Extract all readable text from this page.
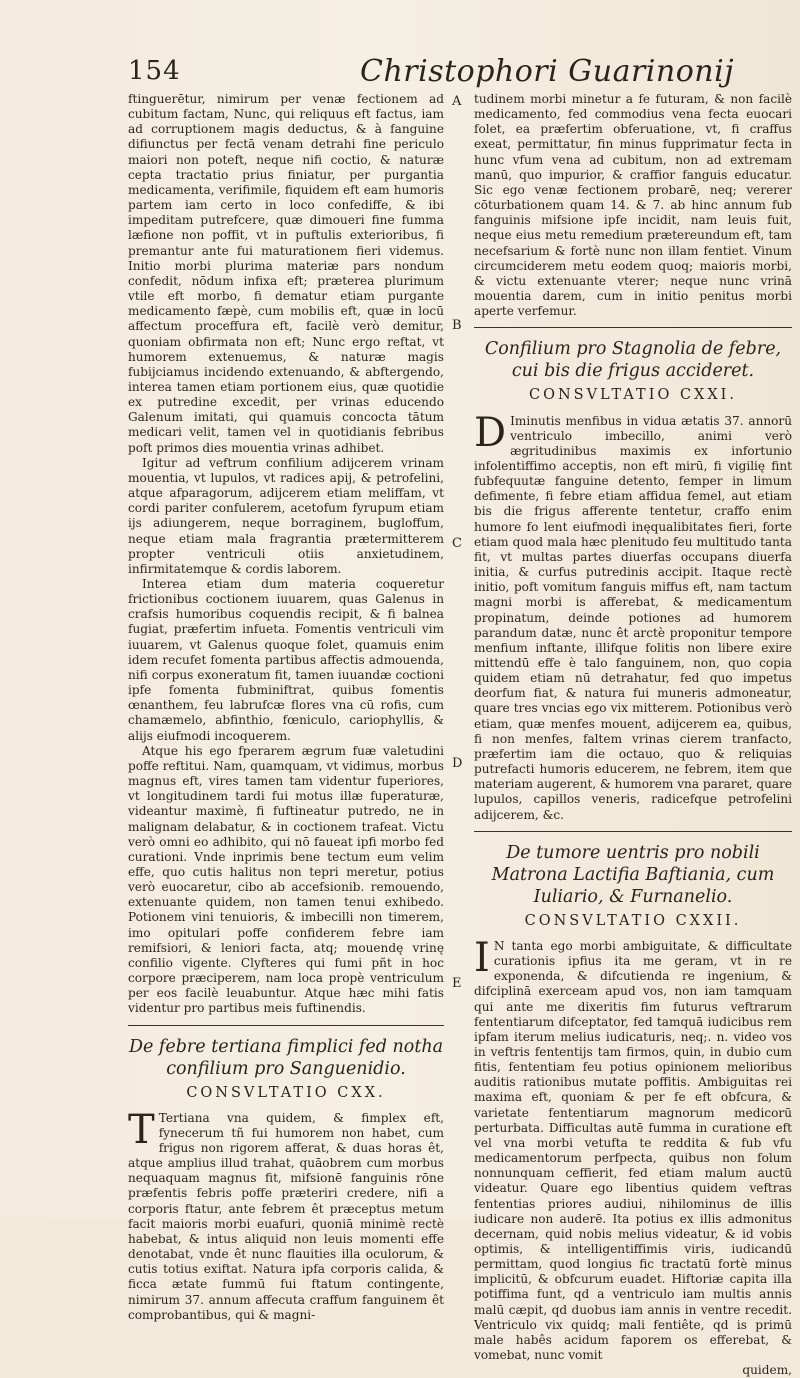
154	Christophori Guarinonij
A
B
C
D
E

ftinguerētur, nimirum per venæ fectionem ad cubitum factam, Nunc, qui reliquus eft factus, iam ad corruptionem magis deductus, & à fanguine difiunctus per fectā venam detrahi fine periculo maiori non poteft, neque nifi coctio, & naturæ cepta tractatio prius finiatur, per purgantia medicamenta, verifimile, fiquidem eft eam humoris partem iam certo in loco confediffe, & ibi impeditam putrefcere, quæ dimoueri fine fumma læfione non poffit, vt in puftulis exterioribus, fi premantur ante fui maturationem fieri videmus. Initio morbi plurima materiæ pars nondum confedit, nōdum infixa eft; præterea plurimum vtile eft morbo, fi dematur etiam purgante medicamento fæpè, cum mobilis eft, quæ in locū affectum proceffura eft, facilè verò demitur, quoniam obfirmata non eft; Nunc ergo reftat, vt humorem extenuemus, & naturæ magis fubijciamus incidendo extenuando, & abftergendo, interea tamen etiam portionem eius, quæ quotidie ex putredine excedit, per vrinas educendo Galenum imitati, qui quamuis concocta tātum medicari velit, tamen vel in quotidianis febribus poft primos dies mouentia vrinas adhibet.

Igitur ad veftrum confilium adijcerem vrinam mouentia, vt lupulos, vt radices apij, & petrofelini, atque afparagorum, adijcerem etiam meliffam, vt cordi pariter confulerem, acetofum fyrupum etiam ijs adiungerem, neque borraginem, bugloffum, neque etiam mala fragrantia prætermitterem propter ventriculi otiis anxietudinem, infirmitatemque & cordis laborem.

Interea etiam dum materia coqueretur frictionibus coctionem iuuarem, quas Galenus in crafsis humoribus coquendis recipit, & fi balnea fugiat, præfertim infueta. Fomentis ventriculi vim iuuarem, vt Galenus quoque folet, quamuis enim idem recufet fomenta partibus affectis admouenda, nifi corpus exoneratum fit, tamen iuuandæ coctioni ipfe fomenta fubminiftrat, quibus fomentis œnanthem, feu labrufcæ flores vna cū rofis, cum chamæmelo, abfinthio, fœniculo, cariophyllis, & alijs eiufmodi incoquerem.

Atque his ego fperarem ægrum fuæ valetudini poffe reftitui. Nam, quamquam, vt vidimus, morbus magnus eft, vires tamen tam videntur fuperiores, vt longitudinem tardi fui motus illæ fuperaturæ, videantur maximè, fi fuftineatur putredo, ne in malignam delabatur, & in coctionem trafeat. Victu verò omni eo adhibito, qui nō faueat ipfi morbo fed curationi. Vnde inprimis bene tectum eum velim effe, quo cutis halitus non tepri meretur, potius verò euocaretur, cibo ab accefsionib. remouendo, extenuante quidem, non tamen tenui exhibedo. Potionem vini tenuioris, & imbecilli non timerem, imo opitulari poffe confiderem febre iam remifsiori, & leniori facta, atq; mouendę vrinę confilio vigente. Clyfteres qui fumi pñt in hoc corpore præciperem, nam loca propè ventriculum per eos facilè leuabuntur. Atque hæc mihi fatis videntur pro partibus meis fuftinendis.

De febre tertiana fimplici fed notha confilium pro Sanguenidio.
CONSVLTATIO CXX.

T Tertiana vna quidem, & fimplex eft, fynecerum tñ fui humorem non habet, cum frigus non rigorem afferat, & duas horas êt, atque amplius illud trahat, quāobrem cum morbus nequaquam magnus fit, mifsionē fanguinis rōne præfentis febris poffe præteriri credere, nifi a corporis ftatur, ante febrem êt præceptus metum facit maioris morbi euafuri, quoniā minimè rectè habebat, & intus aliquid non leuis momenti effe denotabat, vnde êt nunc flauities illa oculorum, & cutis totius exiftat. Natura ipfa corporis calida, & ficca ætate fummū fui ftatum contingente, nimirum 37. annum affecuta craffum fanguinem êt comprobantibus, qui & magni-

tudinem morbi minetur a fe futuram, & non facilè medicamento, fed commodius vena fecta euocari folet, ea præfertim obferuatione, vt, fi craffus exeat, permittatur, fin minus fupprimatur fecta in hunc vfum vena ad cubitum, non ad extremam manū, quo impurior, & craffior fanguis educatur. Sic ego venæ fectionem probarē, neq; vererer cōturbationem quam 14. & 7. ab hinc annum fub fanguinis mifsione ipfe incidit, nam leuis fuit, neque eius metu remedium prætereundum eft, tam necefsarium & fortè nunc non illam fentiet. Vinum circumciderem metu eodem quoq; maioris morbi, & victu extenuante vterer; neque nunc vrinā mouentia darem, cum in initio penitus morbi aperte verfemur.

Confilium pro Stagnolia de febre, cui bis die frigus accideret.
CONSVLTATIO CXXI.

D Iminutis menfibus in vidua ætatis 37. annorū ventriculo imbecillo, animi verò ægritudinibus maximis ex infortunio infolentiffimo acceptis, non eft mirū, fi vigilię fint fubfequutæ fanguine detento, femper in limum defimente, fi febre etiam affidua femel, aut etiam bis die frigus afferente tentetur, craffo enim humore fo lent eiufmodi inęqualibitates fieri, forte etiam quod mala hæc plenitudo feu multitudo tanta fit, vt multas partes diuerfas occupans diuerfa initia, & curfus putredinis accipit. Itaque rectè initio, poft vomitum fanguis miffus eft, nam tactum magni morbi is afferebat, & medicamentum propinatum, deinde potiones ad humorem parandum datæ, nunc êt arctè proponitur tempore menfium inftante, illifque folitis non libere exire mittendū effe è talo fanguinem, non, quo copia quidem etiam nū detrahatur, fed quo impetus deorfum fiat, & natura fui muneris admoneatur, quare tres vncias ego vix mitterem. Potionibus verò etiam, quæ menfes mouent, adijcerem ea, quibus, fi non menfes, faltem vrinas cierem tranfacto, præfertim iam die octauo, quo & reliquias putrefacti humoris educerem, ne febrem, item que materiam augerent, & humorem vna pararet, quare lupulos, capillos veneris, radicefque petrofelini adijcerem, &c.

De tumore uentris pro nobili Matrona Lactifia Baftiania, cum Iuliario, & Furnanelio.
CONSVLTATIO CXXII.

I N tanta ego morbi ambiguitate, & difficultate curationis ipfius ita me geram, vt in re exponenda, & difcutienda re ingenium, & difciplinā exerceam apud vos, non iam tamquam qui ante me dixeritis fim futurus veftrarum fententiarum difceptator, fed tamquā iudicibus rem ipfam iterum melius iudicaturis, neq;. n. video vos in veftris fententijs tam firmos, quin, in dubio cum fitis, fententiam feu potius opinionem melioribus auditis rationibus mutate poffitis. Ambiguitas rei maxima eft, quoniam & per fe eft obfcura, & varietate fententiarum magnorum medicorū perturbata. Difficultas autē fumma in curatione eft vel vna morbi vetufta te reddita & fub vfu medicamentorum perfpecta, quibus non folum nonnunquam ceffierit, fed etiam malum auctū videatur. Quare ego libentius quidem veftras fententias priores audiui, nihilominus de illis iudicare non auderē. Ita potius ex illis admonitus decernam, quid nobis melius videatur, & id vobis optimis, & intelligentiffimis viris, iudicandū permittam, quod longius fic tractatū fortè minus implicitū, & obfcurum euadet. Hiftoriæ capita illa potiffima funt, qd a ventriculo iam multis annis malū cæpit, qd duobus iam annis in ventre recedit. Ventriculo vix quidq; mali fentiête, qd is primū male habês acidum faporem os efferebat, & vomebat, nunc vomit

quidem,
